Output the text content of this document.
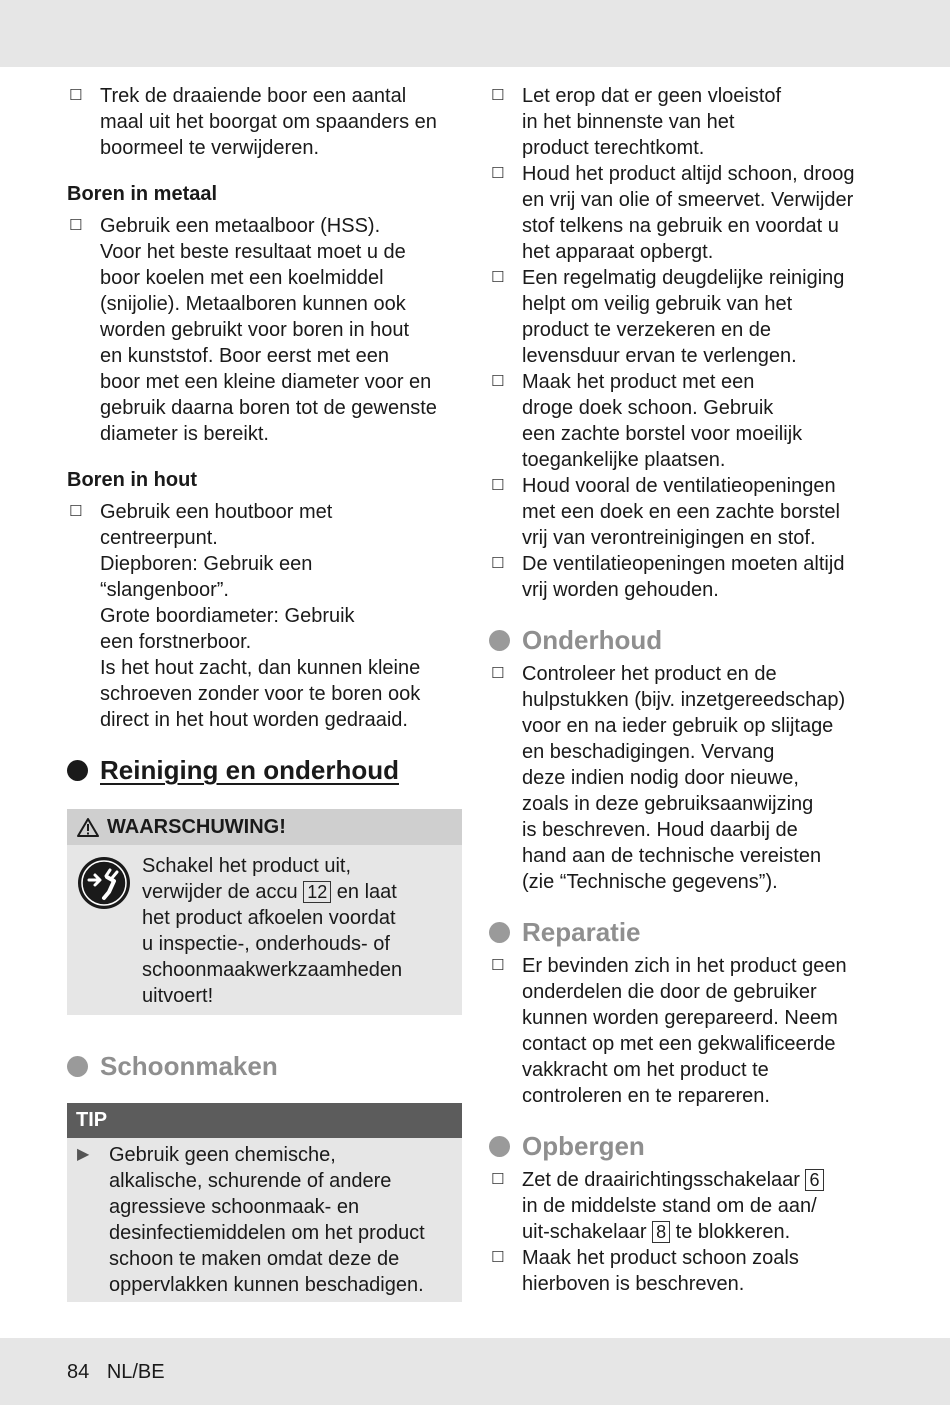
☐ Trek de draaiende boor een aantal
maal uit het boorgat om spaanders en
boormeel te verwijderen.
Boren in metaal
☐ Gebruik een metaalboor (HSS).
Voor het beste resultaat moet u de
boor koelen met een koelmiddel
(snijolie). Metaalboren kunnen ook
worden gebruikt voor boren in hout
en kunststof. Boor eerst met een
boor met een kleine diameter voor en
gebruik daarna boren tot de gewenste
diameter is bereikt.
Boren in hout
☐ Gebruik een houtboor met
centreerpunt.
Diepboren: Gebruik een
“slangenboor”.
Grote boordiameter: Gebruik
een forstnerboor.
Is het hout zacht, dan kunnen kleine
schroeven zonder voor te boren ook
direct in het hout worden gedraaid.
Reiniging en onderhoud
WAARSCHUWING!
Schakel het product uit,
verwijder de accu 12 en laat
het product afkoelen voordat
u inspectie-, onderhouds- of
schoonmaakwerkzaamheden
uitvoert!
Schoonmaken
TIP
▶ Gebruik geen chemische,
alkalische, schurende of andere
agressieve schoonmaak- en
desinfectiemiddelen om het product
schoon te maken omdat deze de
oppervlakken kunnen beschadigen.
☐ Let erop dat er geen vloeistof
in het binnenste van het
product terechtkomt.
☐ Houd het product altijd schoon, droog
en vrij van olie of smeervet. Verwijder
stof telkens na gebruik en voordat u
het apparaat opbergt.
☐ Een regelmatig deugdelijke reiniging
helpt om veilig gebruik van het
product te verzekeren en de
levensduur ervan te verlengen.
☐ Maak het product met een
droge doek schoon. Gebruik
een zachte borstel voor moeilijk
toegankelijke plaatsen.
☐ Houd vooral de ventilatieopeningen
met een doek en een zachte borstel
vrij van verontreinigingen en stof.
☐ De ventilatieopeningen moeten altijd
vrij worden gehouden.
Onderhoud
☐ Controleer het product en de
hulpstukken (bijv. inzetgereedschap)
voor en na ieder gebruik op slijtage
en beschadigingen. Vervang
deze indien nodig door nieuwe,
zoals in deze gebruiksaanwijzing
is beschreven. Houd daarbij de
hand aan de technische vereisten
(zie “Technische gegevens”).
Reparatie
☐ Er bevinden zich in het product geen
onderdelen die door de gebruiker
kunnen worden gerepareerd. Neem
contact op met een gekwalificeerde
vakkracht om het product te
controleren en te repareren.
Opbergen
☐ Zet de draairichtingsschakelaar 6
in de middelste stand om de aan/
uit-schakelaar 8 te blokkeren.
☐ Maak het product schoon zoals
hierboven is beschreven.
84 NL/BE
